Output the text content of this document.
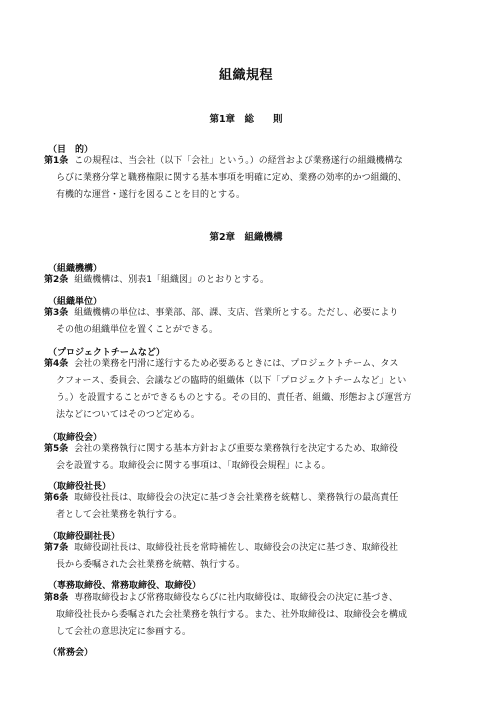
組織規程
第1章　総　　則
（目　的）
第1条 この規程は、当会社（以下「会社」という。）の経営および業務遂行の組織機構な
らびに業務分掌と職務権限に関する基本事項を明確に定め、業務の効率的かつ組織的、
有機的な運営・遂行を図ることを目的とする。
第2章　組織機構
（組織機構）
第2条 組織機構は、別表1「組織図」のとおりとする。
（組織単位）
第3条 組織機構の単位は、事業部、部、課、支店、営業所とする。ただし、必要により
その他の組織単位を置くことができる。
（プロジェクトチームなど）
第4条 会社の業務を円滑に遂行するため必要あるときには、プロジェクトチーム、タス
クフォース、委員会、会議などの臨時的組織体（以下「プロジェクトチームなど」とい
う。）を設置することができるものとする。その目的、責任者、組織、形態および運営方
法などについてはそのつど定める。
（取締役会）
第5条 会社の業務執行に関する基本方針および重要な業務執行を決定するため、取締役
会を設置する。取締役会に関する事項は、「取締役会規程」による。
（取締役社長）
第6条 取締役社長は、取締役会の決定に基づき会社業務を統轄し、業務執行の最高責任
者として会社業務を執行する。
（取締役副社長）
第7条 取締役副社長は、取締役社長を常時補佐し、取締役会の決定に基づき、取締役社
長から委嘱された会社業務を統轄、執行する。
（専務取締役、常務取締役、取締役）
第8条 専務取締役および常務取締役ならびに社内取締役は、取締役会の決定に基づき、
取締役社長から委嘱された会社業務を執行する。また、社外取締役は、取締役会を構成
して会社の意思決定に参画する。
（常務会）
